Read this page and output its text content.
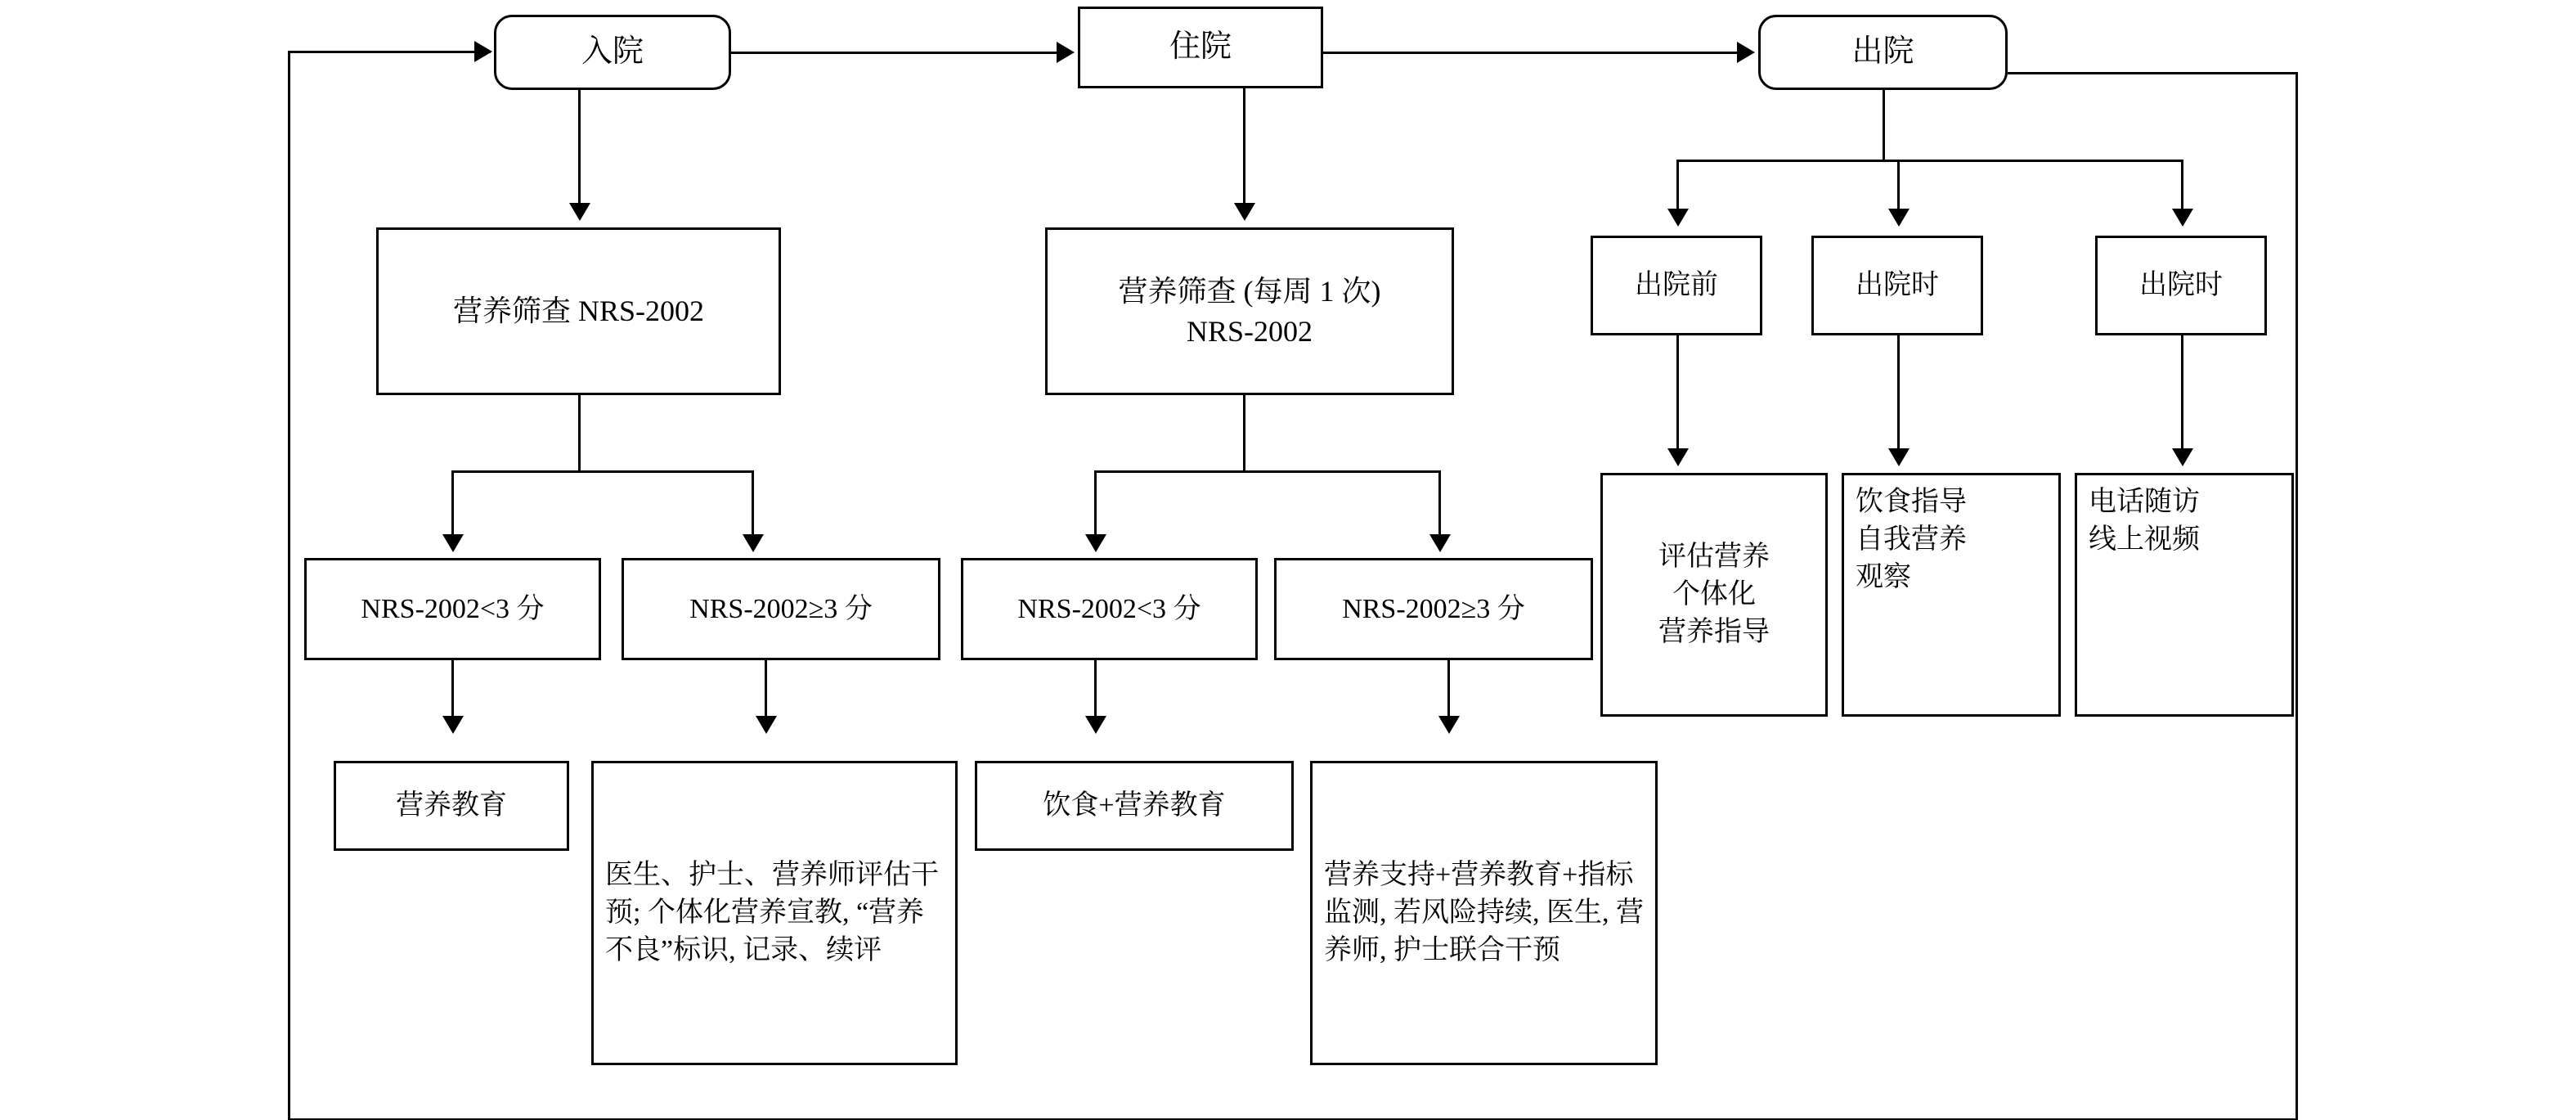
入院	住院	出院
营养筛查 NRS-2002
NRS-2002<3 分	NRS-2002≥3 分
营养教育
医生、护士、营养师评估干预; 个体化营养宣教, “营养不良”标识, 记录、续评
营养筛查 (每周 1 次)
NRS-2002
NRS-2002<3 分	NRS-2002≥3 分
饮食+营养教育
营养支持+营养教育+指标监测, 若风险持续, 医生, 营养师, 护士联合干预
出院前	出院时	出院时
评估营养
个体化
营养指导
饮食指导
自我营养
观察
电话随访
线上视频
